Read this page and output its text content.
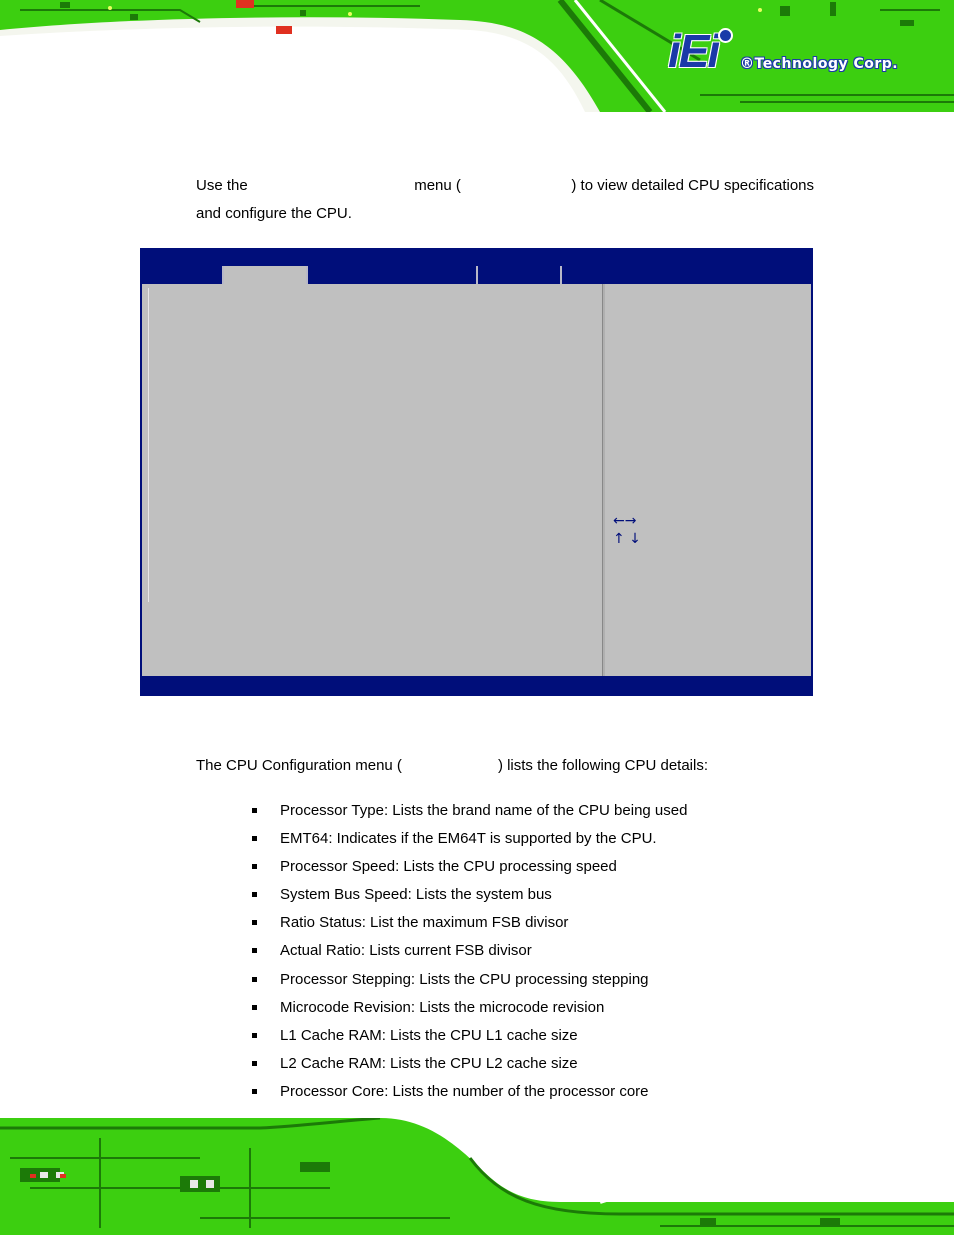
iEi ®Technology Corp.
Use the	menu (	) to view detailed CPU specifications
and configure the CPU.
←→
↑ ↓
The CPU Configuration menu (	) lists the following CPU details:
Processor Type: Lists the brand name of the CPU being used
EMT64: Indicates if the EM64T is supported by the CPU.
Processor Speed: Lists the CPU processing speed
System Bus Speed: Lists the system bus
Ratio Status: List the maximum FSB divisor
Actual Ratio: Lists current FSB divisor
Processor Stepping: Lists the CPU processing stepping
Microcode Revision: Lists the microcode revision
L1 Cache RAM: Lists the CPU L1 cache size
L2 Cache RAM: Lists the CPU L2 cache size
Processor Core: Lists the number of the processor core
